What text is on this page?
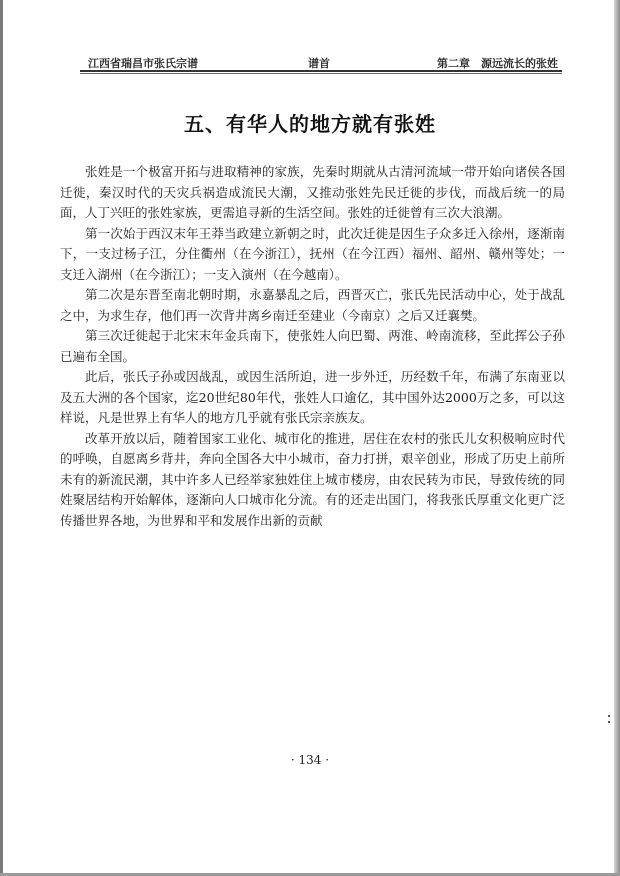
江西省瑞昌市张氏宗谱	谱首	第二章　源远流长的张姓
五、有华人的地方就有张姓

张姓是一个极富开拓与进取精神的家族，先秦时期就从古清河流域一带开始向诸侯各国迁徙，秦汉时代的天灾兵祸造成流民大潮，又推动张姓先民迁徙的步伐，而战后统一的局面，人丁兴旺的张姓家族，更需追寻新的生活空间。张姓的迁徙曾有三次大浪潮。

第一次始于西汉末年王莽当政建立新朝之时，此次迁徙是因生子众多迁入徐州，逐渐南下，一支过杨子江，分住衢州（在今浙江），抚州（在今江西）福州、韶州、赣州等处；一支迁入湖州（在今浙江）；一支入演州（在今越南）。

第二次是东晋至南北朝时期，永嘉暴乱之后，西晋灭亡，张氏先民活动中心，处于战乱之中，为求生存，他们再一次背井离乡南迁至建业（今南京）之后又迁襄樊。

第三次迁徙起于北宋末年金兵南下，使张姓人向巴蜀、两淮、岭南流移，至此挥公子孙已遍布全国。

此后，张氏子孙或因战乱，或因生活所迫，进一步外迁，历经数千年，布满了东南亚以及五大洲的各个国家，迄20世纪80年代，张姓人口逾亿，其中国外达2000万之多，可以这样说，凡是世界上有华人的地方几乎就有张氏宗亲族友。

改革开放以后，随着国家工业化、城市化的推进，居住在农村的张氏儿女积极响应时代的呼唤，自愿离乡背井，奔向全国各大中小城市，奋力打拼，艰辛创业，形成了历史上前所未有的新流民潮，其中许多人已经举家独姓住上城市楼房，由农民转为市民，导致传统的同姓聚居结构开始解体，逐渐向人口城市化分流。有的还走出国门，将我张氏厚重文化更广泛传播世界各地，为世界和平和发展作出新的贡献

· 134 ·
